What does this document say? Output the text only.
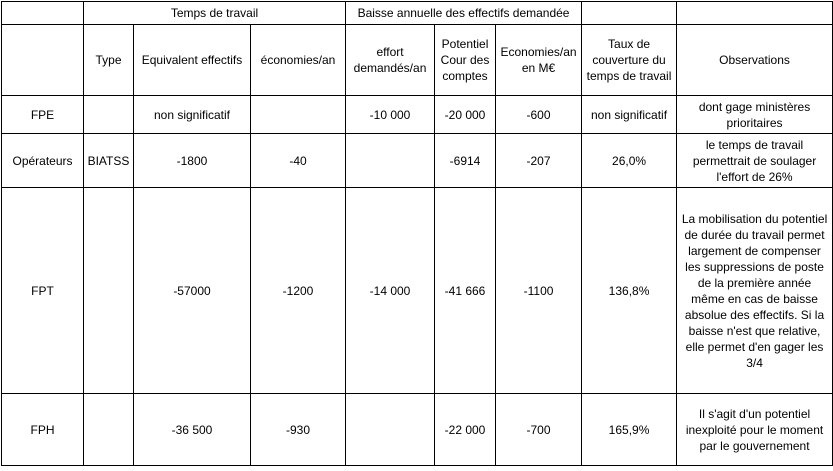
	Temps de travail			Baisse annuelle des effectifs demandée				
	Type	Equivalent effectifs	économies/an	effort demandés/an	Potentiel Cour des comptes	Economies/an en M€	Taux de couverture du temps de travail	Observations
FPE		non significatif		-10 000	-20 000	-600	non significatif	dont gage ministères prioritaires
Opérateurs	BIATSS	-1800	-40		-6914	-207	26,0%	le temps de travail permettrait de soulager l'effort de 26%
FPT		-57000	-1200	-14 000	-41 666	-1100	136,8%	La mobilisation du potentiel de durée du travail permet largement de compenser les suppressions de poste de la première année même en cas de baisse absolue des effectifs. Si la baisse n'est que relative, elle permet d'en gager les 3/4
FPH		-36 500	-930		-22 000	-700	165,9%	Il s'agit d'un potentiel inexploité pour le moment par le gouvernement
